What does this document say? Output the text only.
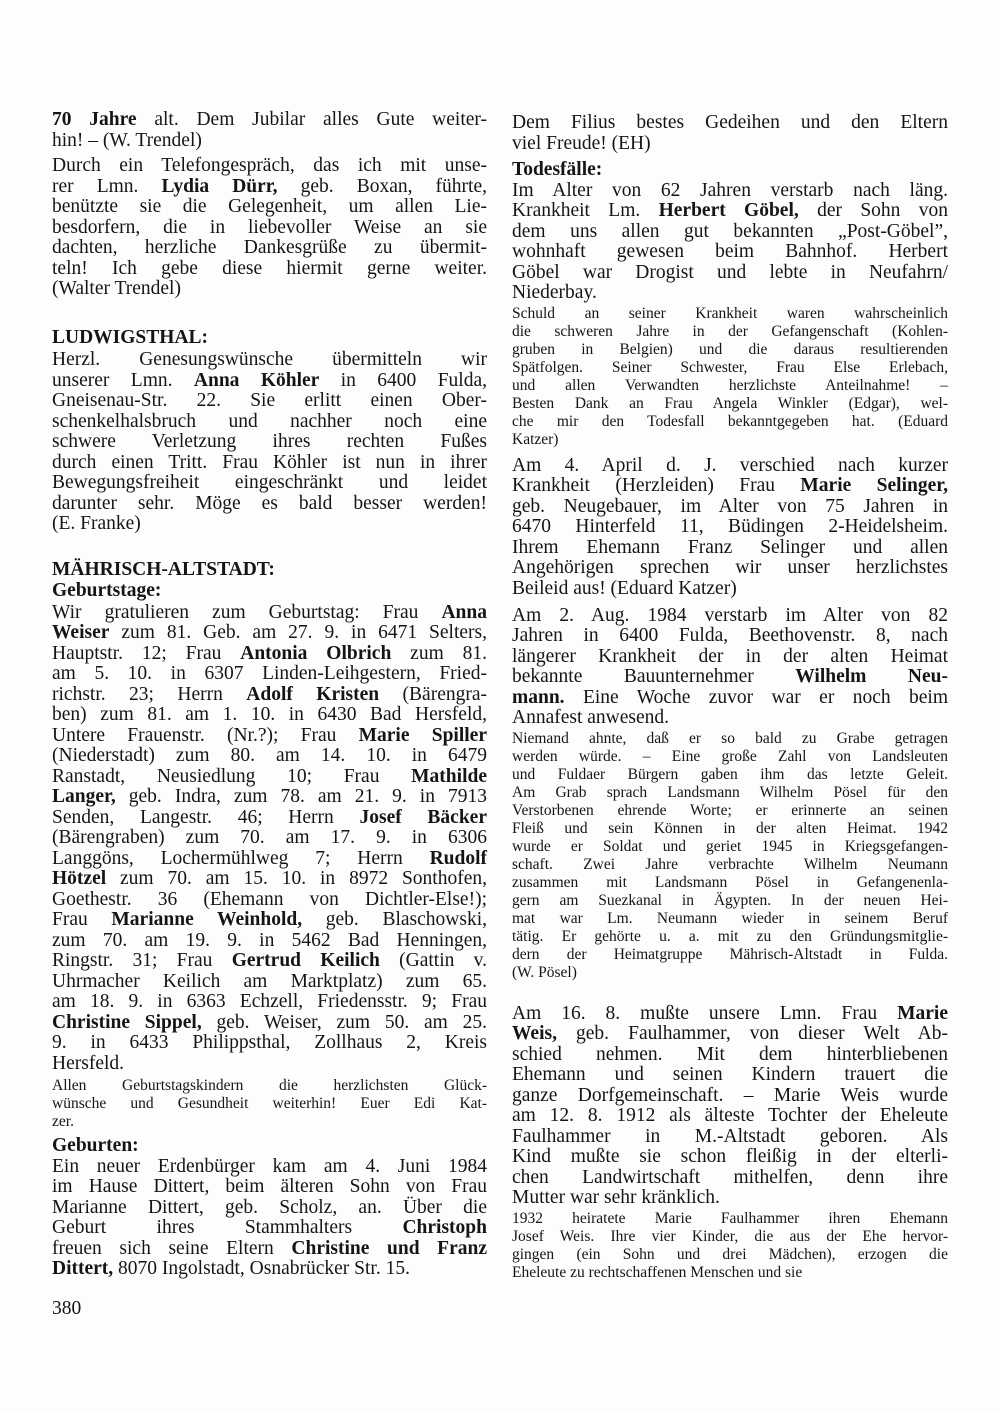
70 Jahre alt. Dem Jubilar alles Gute weiter-
hin! – (W. Trendel)
Durch ein Telefongespräch, das ich mit unse-
rer Lmn. Lydia Dürr, geb. Boxan, führte,
benützte sie die Gelegenheit, um allen Lie-
besdorfern, die in liebevoller Weise an sie
dachten, herzliche Dankesgrüße zu übermit-
teln! Ich gebe diese hiermit gerne weiter.
(Walter Trendel)
LUDWIGSTHAL:
Herzl. Genesungswünsche übermitteln wir
unserer Lmn. Anna Köhler in 6400 Fulda,
Gneisenau-Str. 22. Sie erlitt einen Ober-
schenkelhalsbruch und nachher noch eine
schwere Verletzung ihres rechten Fußes
durch einen Tritt. Frau Köhler ist nun in ihrer
Bewegungsfreiheit eingeschränkt und leidet
darunter sehr. Möge es bald besser werden!
(E. Franke)
MÄHRISCH-ALTSTADT:
Geburtstage:
Wir gratulieren zum Geburtstag: Frau Anna
Weiser zum 81. Geb. am 27. 9. in 6471 Selters,
Hauptstr. 12; Frau Antonia Olbrich zum 81.
am 5. 10. in 6307 Linden-Leihgestern, Fried-
richstr. 23; Herrn Adolf Kristen (Bärengra-
ben) zum 81. am 1. 10. in 6430 Bad Hersfeld,
Untere Frauenstr. (Nr.?); Frau Marie Spiller
(Niederstadt) zum 80. am 14. 10. in 6479
Ranstadt, Neusiedlung 10; Frau Mathilde
Langer, geb. Indra, zum 78. am 21. 9. in 7913
Senden, Langestr. 46; Herrn Josef Bäcker
(Bärengraben) zum 70. am 17. 9. in 6306
Langgöns, Lochermühlweg 7; Herrn Rudolf
Hötzel zum 70. am 15. 10. in 8972 Sonthofen,
Goethestr. 36 (Ehemann von Dichtler-Else!);
Frau Marianne Weinhold, geb. Blaschowski,
zum 70. am 19. 9. in 5462 Bad Henningen,
Ringstr. 31; Frau Gertrud Keilich (Gattin v.
Uhrmacher Keilich am Marktplatz) zum 65.
am 18. 9. in 6363 Echzell, Friedensstr. 9; Frau
Christine Sippel, geb. Weiser, zum 50. am 25.
9. in 6433 Philippsthal, Zollhaus 2, Kreis
Hersfeld.
Allen Geburtstagskindern die herzlichsten Glück-
wünsche und Gesundheit weiterhin! Euer Edi Kat-
zer.
Geburten:
Ein neuer Erdenbürger kam am 4. Juni 1984
im Hause Dittert, beim älteren Sohn von Frau
Marianne Dittert, geb. Scholz, an. Über die
Geburt ihres Stammhalters Christoph
freuen sich seine Eltern Christine und Franz
Dittert, 8070 Ingolstadt, Osnabrücker Str. 15.
Dem Filius bestes Gedeihen und den Eltern
viel Freude! (EH)
Todesfälle:
Im Alter von 62 Jahren verstarb nach läng.
Krankheit Lm. Herbert Göbel, der Sohn von
dem uns allen gut bekannten „Post-Göbel”,
wohnhaft gewesen beim Bahnhof. Herbert
Göbel war Drogist und lebte in Neufahrn/
Niederbay.
Schuld an seiner Krankheit waren wahrscheinlich
die schweren Jahre in der Gefangenschaft (Kohlen-
gruben in Belgien) und die daraus resultierenden
Spätfolgen. Seiner Schwester, Frau Else Erlebach,
und allen Verwandten herzlichste Anteilnahme! –
Besten Dank an Frau Angela Winkler (Edgar), wel-
che mir den Todesfall bekanntgegeben hat. (Eduard
Katzer)
Am 4. April d. J. verschied nach kurzer
Krankheit (Herzleiden) Frau Marie Selinger,
geb. Neugebauer, im Alter von 75 Jahren in
6470 Hinterfeld 11, Büdingen 2-Heidelsheim.
Ihrem Ehemann Franz Selinger und allen
Angehörigen sprechen wir unser herzlichstes
Beileid aus! (Eduard Katzer)
Am 2. Aug. 1984 verstarb im Alter von 82
Jahren in 6400 Fulda, Beethovenstr. 8, nach
längerer Krankheit der in der alten Heimat
bekannte Bauunternehmer Wilhelm Neu-
mann. Eine Woche zuvor war er noch beim
Annafest anwesend.
Niemand ahnte, daß er so bald zu Grabe getragen
werden würde. – Eine große Zahl von Landsleuten
und Fuldaer Bürgern gaben ihm das letzte Geleit.
Am Grab sprach Landsmann Wilhelm Pösel für den
Verstorbenen ehrende Worte; er erinnerte an seinen
Fleiß und sein Können in der alten Heimat. 1942
wurde er Soldat und geriet 1945 in Kriegsgefangen-
schaft. Zwei Jahre verbrachte Wilhelm Neumann
zusammen mit Landsmann Pösel in Gefangenenla-
gern am Suezkanal in Ägypten. In der neuen Hei-
mat war Lm. Neumann wieder in seinem Beruf
tätig. Er gehörte u. a. mit zu den Gründungsmitglie-
dern der Heimatgruppe Mährisch-Altstadt in Fulda.
(W. Pösel)
Am 16. 8. mußte unsere Lmn. Frau Marie
Weis, geb. Faulhammer, von dieser Welt Ab-
schied nehmen. Mit dem hinterbliebenen
Ehemann und seinen Kindern trauert die
ganze Dorfgemeinschaft. – Marie Weis wurde
am 12. 8. 1912 als älteste Tochter der Eheleute
Faulhammer in M.-Altstadt geboren. Als
Kind mußte sie schon fleißig in der elterli-
chen Landwirtschaft mithelfen, denn ihre
Mutter war sehr kränklich.
1932 heiratete Marie Faulhammer ihren Ehemann
Josef Weis. Ihre vier Kinder, die aus der Ehe hervor-
gingen (ein Sohn und drei Mädchen), erzogen die
Eheleute zu rechtschaffenen Menschen und sie
380
